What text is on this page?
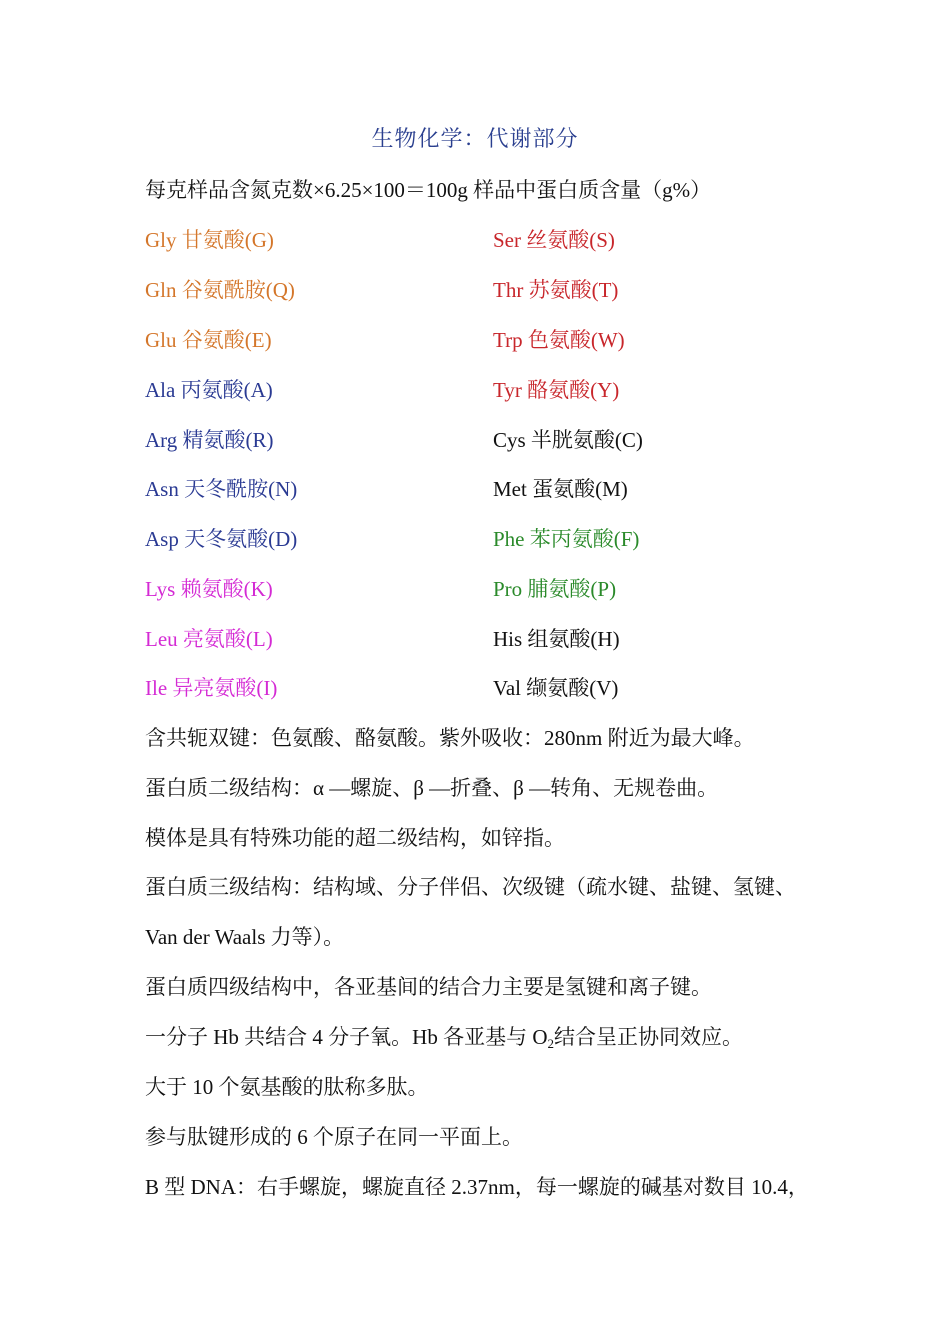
生物化学：代谢部分
每克样品含氮克数×6.25×100＝100g 样品中蛋白质含量（g%）
Gly 甘氨酸(G)
Gln 谷氨酰胺(Q)
Glu 谷氨酸(E)
Ala 丙氨酸(A)
Arg 精氨酸(R)
Asn 天冬酰胺(N)
Asp 天冬氨酸(D)
Lys 赖氨酸(K)
Leu 亮氨酸(L)
Ile 异亮氨酸(I)
Ser 丝氨酸(S)
Thr 苏氨酸(T)
Trp 色氨酸(W)
Tyr 酪氨酸(Y)
Cys 半胱氨酸(C)
Met 蛋氨酸(M)
Phe 苯丙氨酸(F)
Pro 脯氨酸(P)
His 组氨酸(H)
Val 缬氨酸(V)
含共轭双键：色氨酸、酪氨酸。紫外吸收：280nm 附近为最大峰。
蛋白质二级结构：α —螺旋、β —折叠、β —转角、无规卷曲。
模体是具有特殊功能的超二级结构，如锌指。
蛋白质三级结构：结构域、分子伴侣、次级键（疏水键、盐键、氢键、
Van der Waals 力等）。
蛋白质四级结构中，各亚基间的结合力主要是氢键和离子键。
一分子 Hb 共结合 4 分子氧。Hb 各亚基与 $O_2$结合呈正协同效应。
大于 10 个氨基酸的肽称多肽。
参与肽键形成的 6 个原子在同一平面上。
B 型 DNA：右手螺旋，螺旋直径 2.37nm，每一螺旋的碱基对数目 10.4，
